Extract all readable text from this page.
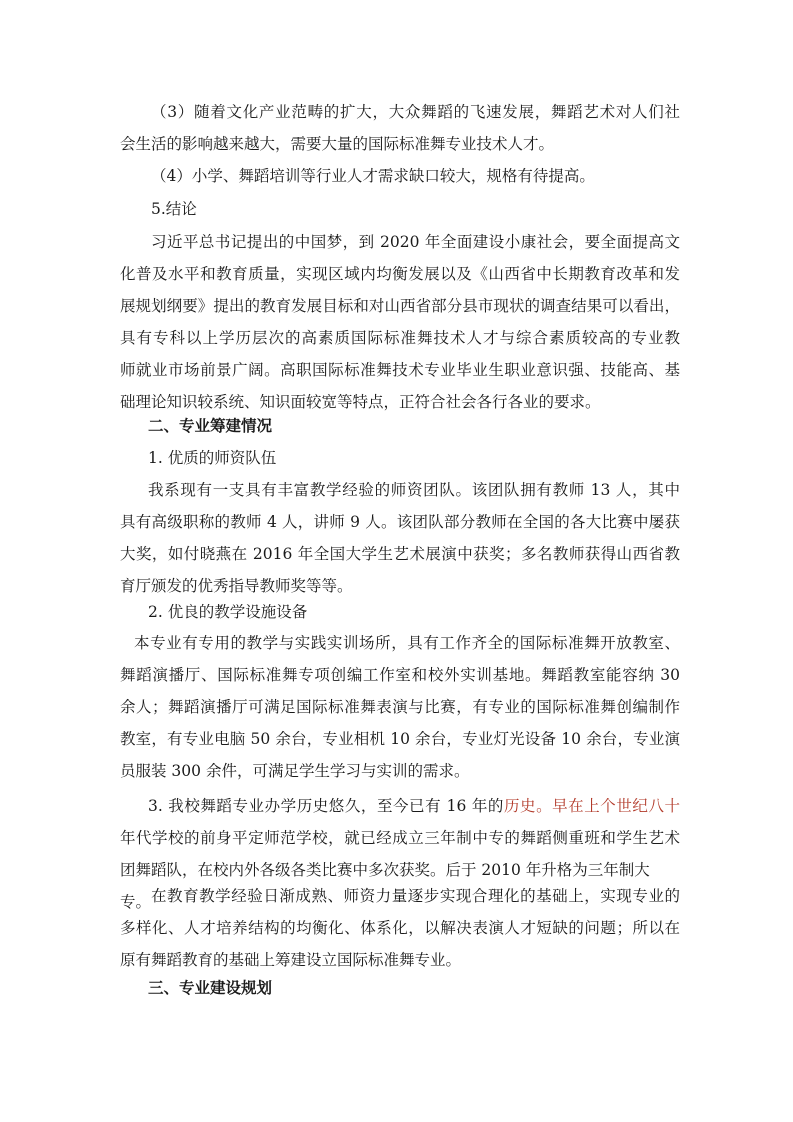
（3）随着文化产业范畴的扩大，大众舞蹈的飞速发展，舞蹈艺术对人们社
会生活的影响越来越大，需要大量的国际标准舞专业技术人才。
（4）小学、舞蹈培训等行业人才需求缺口较大，规格有待提高。
5.结论
习近平总书记提出的中国梦，到 2020 年全面建设小康社会，要全面提高文
化普及水平和教育质量，实现区域内均衡发展以及《山西省中长期教育改革和发
展规划纲要》提出的教育发展目标和对山西省部分县市现状的调查结果可以看出，
具有专科以上学历层次的高素质国际标准舞技术人才与综合素质较高的专业教
师就业市场前景广阔。高职国际标准舞技术专业毕业生职业意识强、技能高、基
础理论知识较系统、知识面较宽等特点，正符合社会各行各业的要求。
二、专业筹建情况
1. 优质的师资队伍
我系现有一支具有丰富教学经验的师资团队。该团队拥有教师 13 人，其中
具有高级职称的教师 4 人，讲师 9 人。该团队部分教师在全国的各大比赛中屡获
大奖，如付晓燕在 2016 年全国大学生艺术展演中获奖；多名教师获得山西省教
育厅颁发的优秀指导教师奖等等。
2. 优良的教学设施设备
本专业有专用的教学与实践实训场所，具有工作齐全的国际标准舞开放教室、
舞蹈演播厅、国际标准舞专项创编工作室和校外实训基地。舞蹈教室能容纳 30
余人；舞蹈演播厅可满足国际标准舞表演与比赛，有专业的国际标准舞创编制作
教室，有专业电脑 50 余台，专业相机 10 余台，专业灯光设备 10 余台，专业演
员服装 300 余件，可满足学生学习与实训的需求。
3. 我校舞蹈专业办学历史悠久，至今已有 16 年的历史。早在上个世纪八十
年代学校的前身平定师范学校，就已经成立三年制中专的舞蹈侧重班和学生艺术
团舞蹈队，在校内外各级各类比赛中多次获奖。后于 2010 年升格为三年制大专。 在教育教学经验日渐成熟、师资力量逐步实现合理化的基础上，实现专业的
多样化、人才培养结构的均衡化、体系化，以解决表演人才短缺的问题；所以在
原有舞蹈教育的基础上筹建设立国际标准舞专业。
三、专业建设规划
